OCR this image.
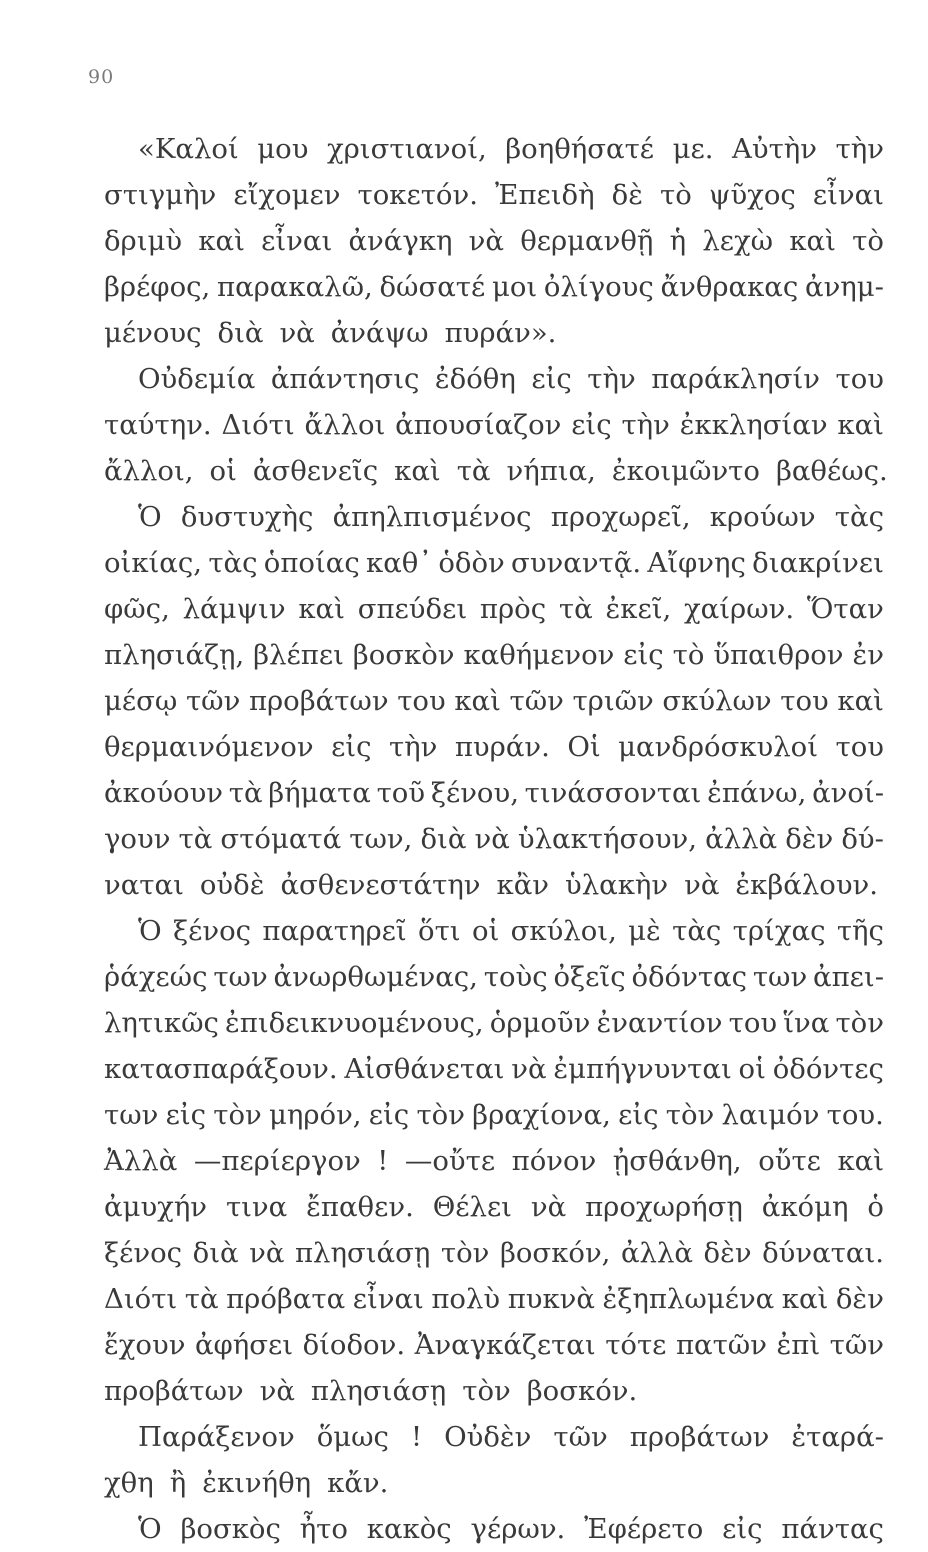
90
«Καλοί μου χριστιανοί, βοηθήσατέ με. Αὐτὴν τὴν
στιγμὴν εἴχομεν τοκετόν. Ἐπειδὴ δὲ τὸ ψῦχος εἶναι
δριμὺ καὶ εἶναι ἀνάγκη νὰ θερμανθῇ ἡ λεχὼ καὶ τὸ
βρέφος, παρακαλῶ, δώσατέ μοι ὀλίγους ἄνθρακας ἀνημ-
μένους διὰ νὰ ἀνάψω πυράν».
Οὐδεμία ἀπάντησις ἐδόθη εἰς τὴν παράκλησίν του
ταύτην. Διότι ἄλλοι ἀπουσίαζον εἰς τὴν ἐκκλησίαν καὶ
ἄλλοι, οἱ ἀσθενεῖς καὶ τὰ νήπια, ἐκοιμῶντο βαθέως.
Ὁ δυστυχὴς ἀπηλπισμένος προχωρεῖ, κρούων τὰς
οἰκίας, τὰς ὁποίας καθ᾿ ὁδὸν συναντᾷ. Αἴφνης διακρίνει
φῶς, λάμψιν καὶ σπεύδει πρὸς τὰ ἐκεῖ, χαίρων. Ὅταν
πλησιάζῃ, βλέπει βοσκὸν καθήμενον εἰς τὸ ὕπαιθρον ἐν
μέσῳ τῶν προβάτων του καὶ τῶν τριῶν σκύλων του καὶ
θερμαινόμενον εἰς τὴν πυράν. Οἱ μανδρόσκυλοί του
ἀκούουν τὰ βήματα τοῦ ξένου, τινάσσονται ἐπάνω, ἀνοί-
γουν τὰ στόματά των, διὰ νὰ ὑλακτήσουν, ἀλλὰ δὲν δύ-
ναται οὐδὲ ἀσθενεστάτην κἂν ὑλακὴν νὰ ἐκβάλουν.
Ὁ ξένος παρατηρεῖ ὅτι οἱ σκύλοι, μὲ τὰς τρίχας τῆς
ῥάχεώς των ἀνωρθωμένας, τοὺς ὀξεῖς ὀδόντας των ἀπει-
λητικῶς ἐπιδεικνυομένους, ὁρμοῦν ἐναντίον του ἵνα τὸν
κατασπαράξουν. Αἰσθάνεται νὰ ἐμπήγνυνται οἱ ὀδόντες
των εἰς τὸν μηρόν, εἰς τὸν βραχίονα, εἰς τὸν λαιμόν του.
Ἀλλὰ —περίεργον ! —οὔτε πόνον ᾐσθάνθη, οὔτε καὶ
ἀμυχήν τινα ἔπαθεν. Θέλει νὰ προχωρήσῃ ἀκόμη ὁ
ξένος διὰ νὰ πλησιάσῃ τὸν βοσκόν, ἀλλὰ δὲν δύναται.
Διότι τὰ πρόβατα εἶναι πολὺ πυκνὰ ἐξηπλωμένα καὶ δὲν
ἔχουν ἀφήσει δίοδον. Ἀναγκάζεται τότε πατῶν ἐπὶ τῶν
προβάτων νὰ πλησιάσῃ τὸν βοσκόν.
Παράξενον ὅμως ! Οὐδὲν τῶν προβάτων ἐταρά-
χθη ἢ ἐκινήθη κἄν.
Ὁ βοσκὸς ἦτο κακὸς γέρων. Ἐφέρετο εἰς πάντας
